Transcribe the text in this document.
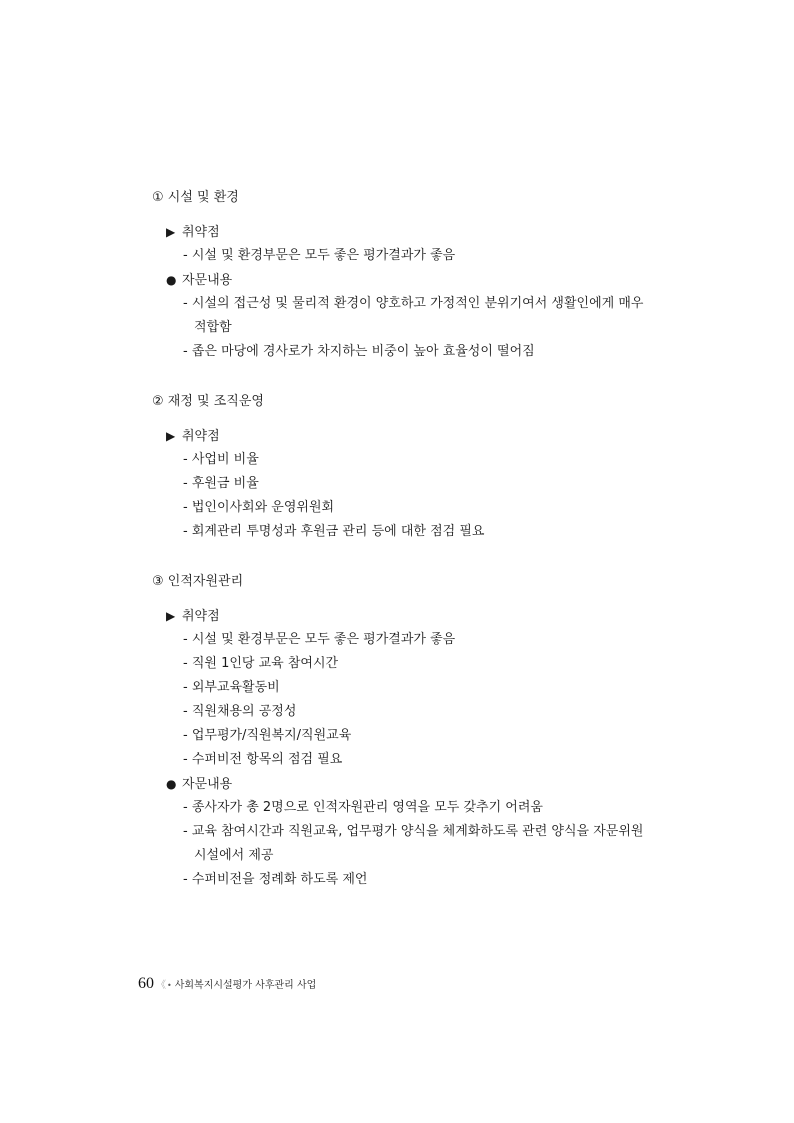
① 시설 및 환경
▶ 취약점
- 시설 및 환경부문은 모두 좋은 평가결과가 좋음
● 자문내용
- 시설의 접근성 및 물리적 환경이 양호하고 가정적인 분위기여서 생활인에게 매우 적합함
- 좁은 마당에 경사로가 차지하는 비중이 높아 효율성이 떨어짐
② 재정 및 조직운영
▶ 취약점
- 사업비 비율
- 후원금 비율
- 법인이사회와 운영위원회
- 회계관리 투명성과 후원금 관리 등에 대한 점검 필요
③ 인적자원관리
▶ 취약점
- 시설 및 환경부문은 모두 좋은 평가결과가 좋음
- 직원 1인당 교육 참여시간
- 외부교육활동비
- 직원채용의 공정성
- 업무평가/직원복지/직원교육
- 수퍼비전 항목의 점검 필요
● 자문내용
- 종사자가 총 2명으로 인적자원관리 영역을 모두 갖추기 어려움
- 교육 참여시간과 직원교육, 업무평가 양식을 체계화하도록 관련 양식을 자문위원 시설에서 제공
- 수퍼비전을 정례화 하도록 제언
60 《• 사회복지시설평가 사후관리 사업
